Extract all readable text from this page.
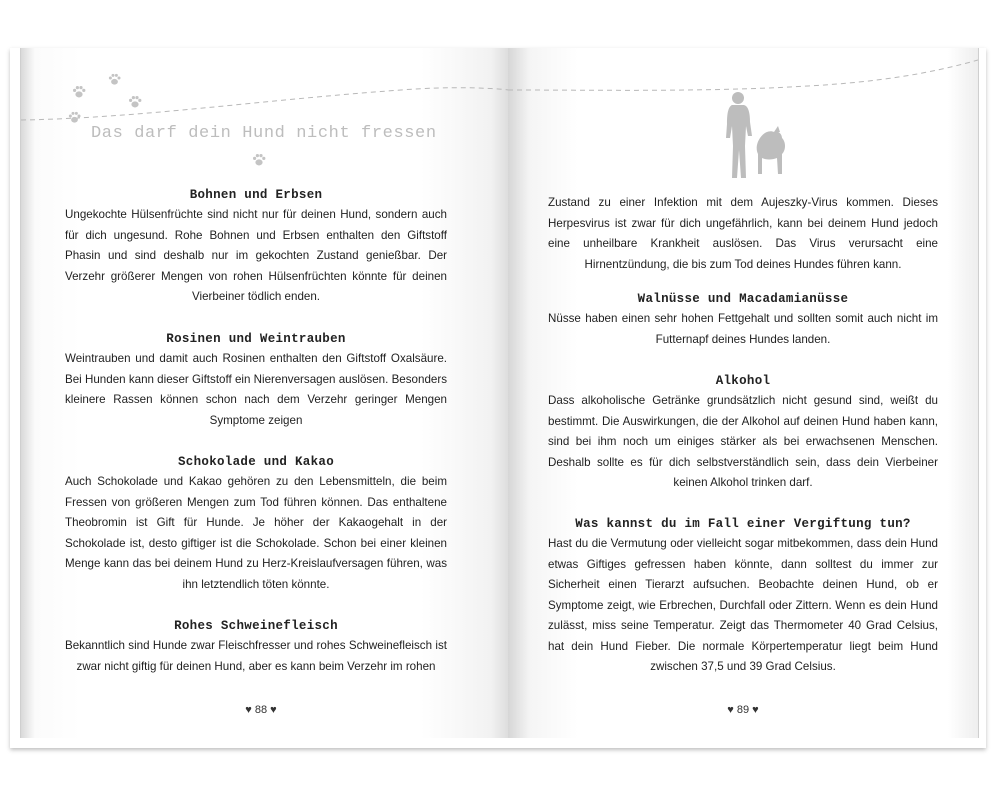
Das darf dein Hund nicht fressen
Bohnen und Erbsen

Ungekochte Hülsenfrüchte sind nicht nur für deinen Hund, sondern auch für dich ungesund. Rohe Bohnen und Erbsen enthalten den Giftstoff Phasin und sind deshalb nur im gekochten Zustand genießbar. Der Verzehr größerer Mengen von rohen Hülsenfrüchten könnte für deinen Vierbeiner tödlich enden.

Rosinen und Weintrauben

Weintrauben und damit auch Rosinen enthalten den Giftstoff Oxalsäure. Bei Hunden kann dieser Giftstoff ein Nierenversagen auslösen. Besonders kleinere Rassen können schon nach dem Verzehr geringer Mengen Symptome zeigen

Schokolade und Kakao

Auch Schokolade und Kakao gehören zu den Lebensmitteln, die beim Fressen von größeren Mengen zum Tod führen können. Das enthaltene Theobromin ist Gift für Hunde. Je höher der Kakaogehalt in der Schokolade ist, desto giftiger ist die Schokolade. Schon bei einer kleinen Menge kann das bei deinem Hund zu Herz-Kreislaufversagen führen, was ihn letztendlich töten könnte.

Rohes Schweinefleisch

Bekanntlich sind Hunde zwar Fleischfresser und rohes Schweinefleisch ist zwar nicht giftig für deinen Hund, aber es kann beim Verzehr im rohen

♥ 88 ♥

Zustand zu einer Infektion mit dem Aujeszky-Virus kommen. Dieses Herpesvirus ist zwar für dich ungefährlich, kann bei deinem Hund jedoch eine unheilbare Krankheit auslösen. Das Virus verursacht eine Hirnentzündung, die bis zum Tod deines Hundes führen kann.

Walnüsse und Macadamianüsse

Nüsse haben einen sehr hohen Fettgehalt und sollten somit auch nicht im Futternapf deines Hundes landen.

Alkohol

Dass alkoholische Getränke grundsätzlich nicht gesund sind, weißt du bestimmt. Die Auswirkungen, die der Alkohol auf deinen Hund haben kann, sind bei ihm noch um einiges stärker als bei erwachsenen Menschen. Deshalb sollte es für dich selbstverständlich sein, dass dein Vierbeiner keinen Alkohol trinken darf.

Was kannst du im Fall einer Vergiftung tun?

Hast du die Vermutung oder vielleicht sogar mitbekommen, dass dein Hund etwas Giftiges gefressen haben könnte, dann solltest du immer zur Sicherheit einen Tierarzt aufsuchen. Beobachte deinen Hund, ob er Symptome zeigt, wie Erbrechen, Durchfall oder Zittern. Wenn es dein Hund zulässt, miss seine Temperatur. Zeigt das Thermometer 40 Grad Celsius, hat dein Hund Fieber. Die normale Körpertemperatur liegt beim Hund zwischen 37,5 und 39 Grad Celsius.

♥ 89 ♥
